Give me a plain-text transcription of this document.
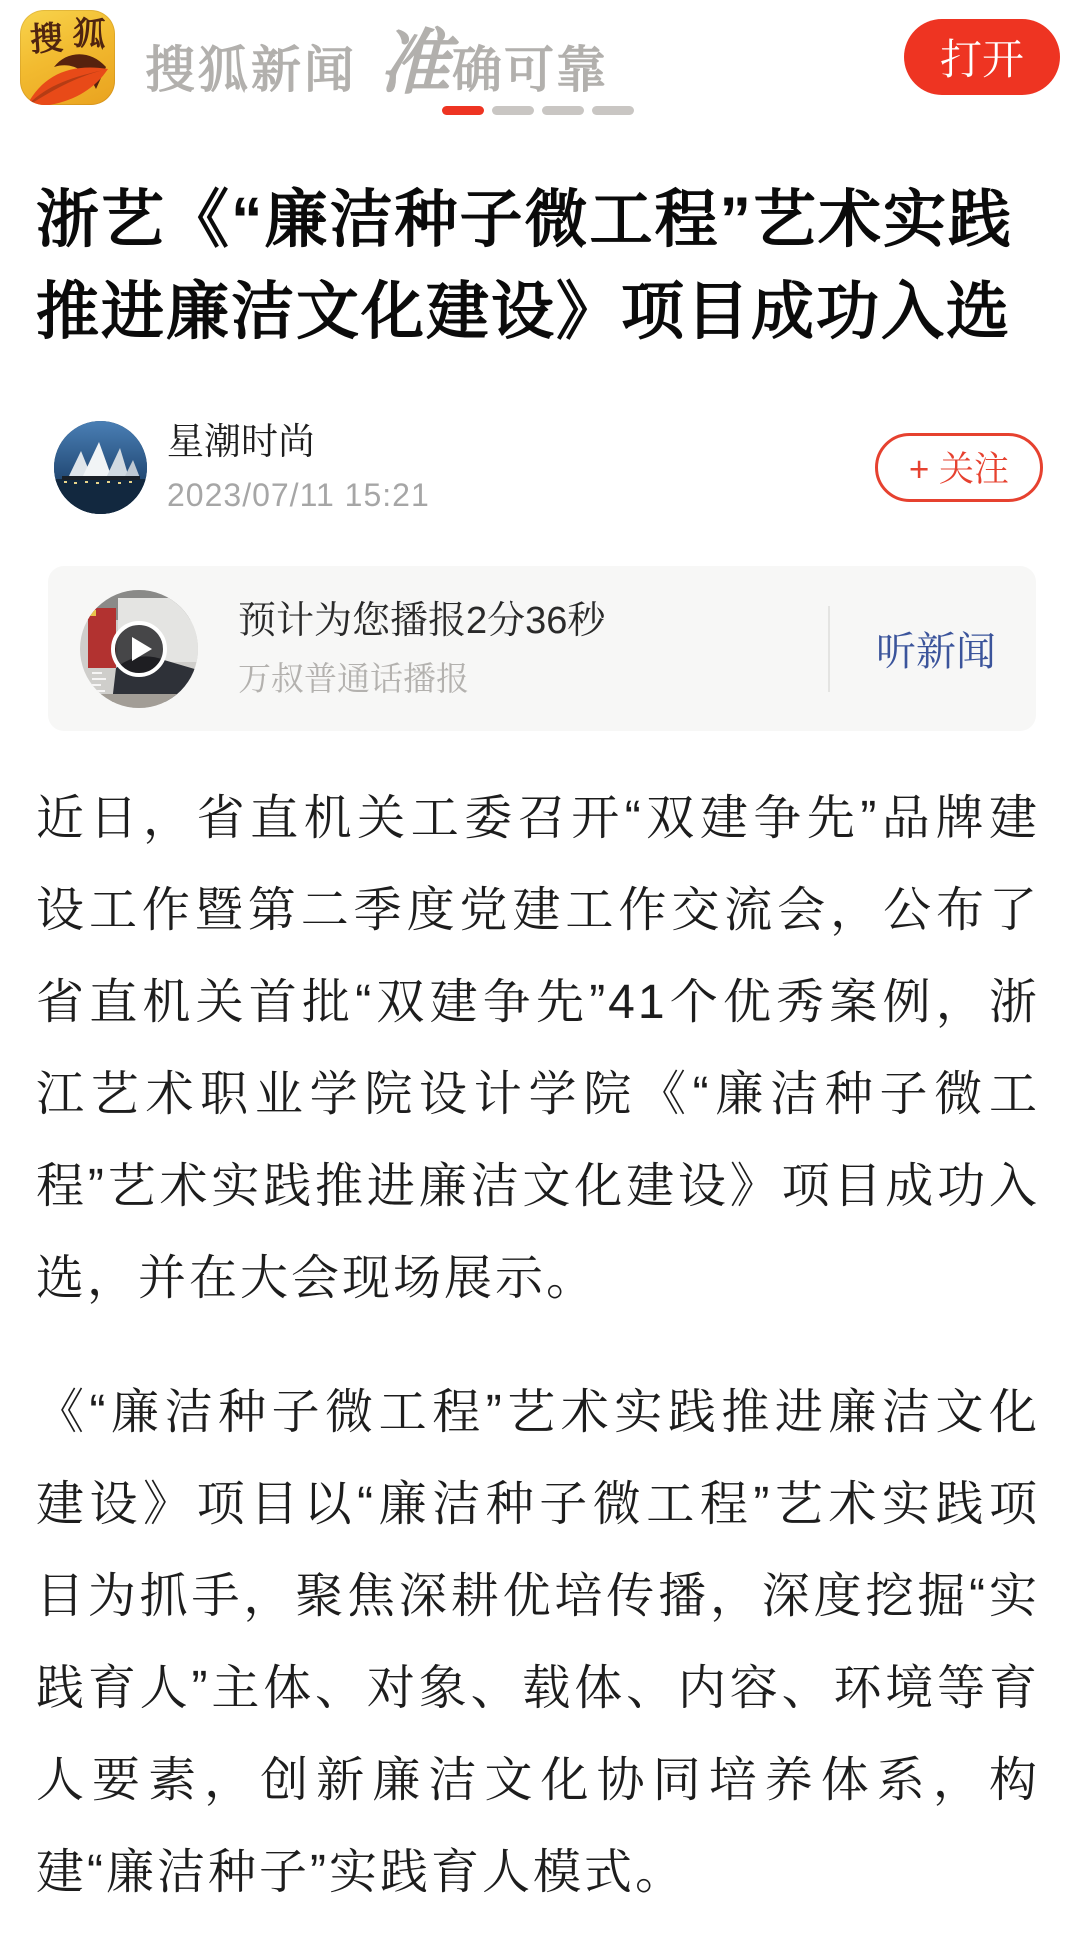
搜 狐
搜狐新闻 准确可靠	打开
浙艺《“廉洁种子微工程”艺术实践推进廉洁文化建设》项目成功入选
星潮时尚
2023/07/11 15:21
+ 关注
预计为您播报2分36秒
万叔普通话播报
听新闻

近日，省直机关工委召开“双建争先”品牌建设工作暨第二季度党建工作交流会，公布了省直机关首批“双建争先”41个优秀案例，浙江艺术职业学院设计学院《“廉洁种子微工程”艺术实践推进廉洁文化建设》项目成功入选，并在大会现场展示。

《“廉洁种子微工程”艺术实践推进廉洁文化建设》项目以“廉洁种子微工程”艺术实践项目为抓手，聚焦深耕优培传播，深度挖掘“实践育人”主体、对象、载体、内容、环境等育人要素，创新廉洁文化协同培养体系，构建“廉洁种子”实践育人模式。
